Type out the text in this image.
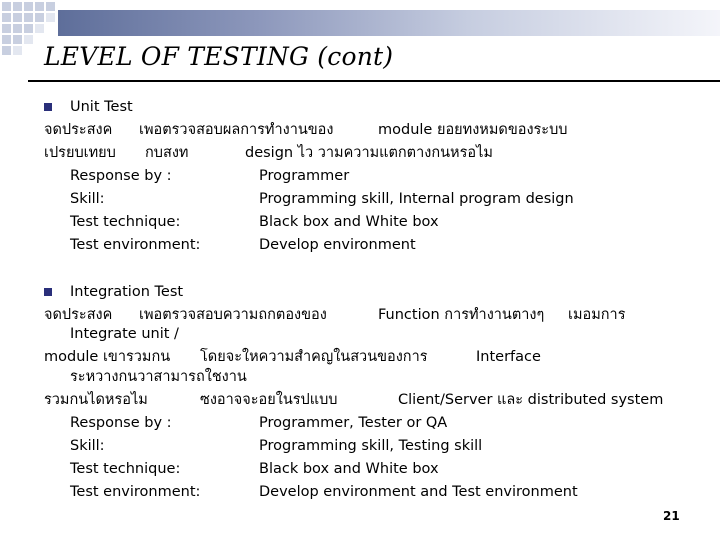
LEVEL OF TESTING (cont)
Unit Test
จดประสงค เพอตรวจสอบผลการทำงานของ	module ยอยทงหมดของระบบ
เปรยบเทยบ กบสงท	design ไว วามความแตกตางกนหรอไม
Response by :	Programmer
Skill:	Programming skill, Internal program design
Test technique:	Black box and White box
Test environment:	Develop environment
Integration Test
จดประสงค เพอตรวจสอบความถกตองของ	Function การทำงานตางๆ เมอมการ
Integrate unit /
module เขารวมกน โดยจะใหความสำคญในสวนของการ	Interface
ระหวางกนวาสามารถใชงาน
รวมกนไดหรอไม	ซงอาจจะอยในรปแบบ	Client/Server และ distributed system
Response by :	Programmer, Tester or QA
Skill:	Programming skill, Testing skill
Test technique:	Black box and White box
Test environment:	Develop environment and Test environment
21
